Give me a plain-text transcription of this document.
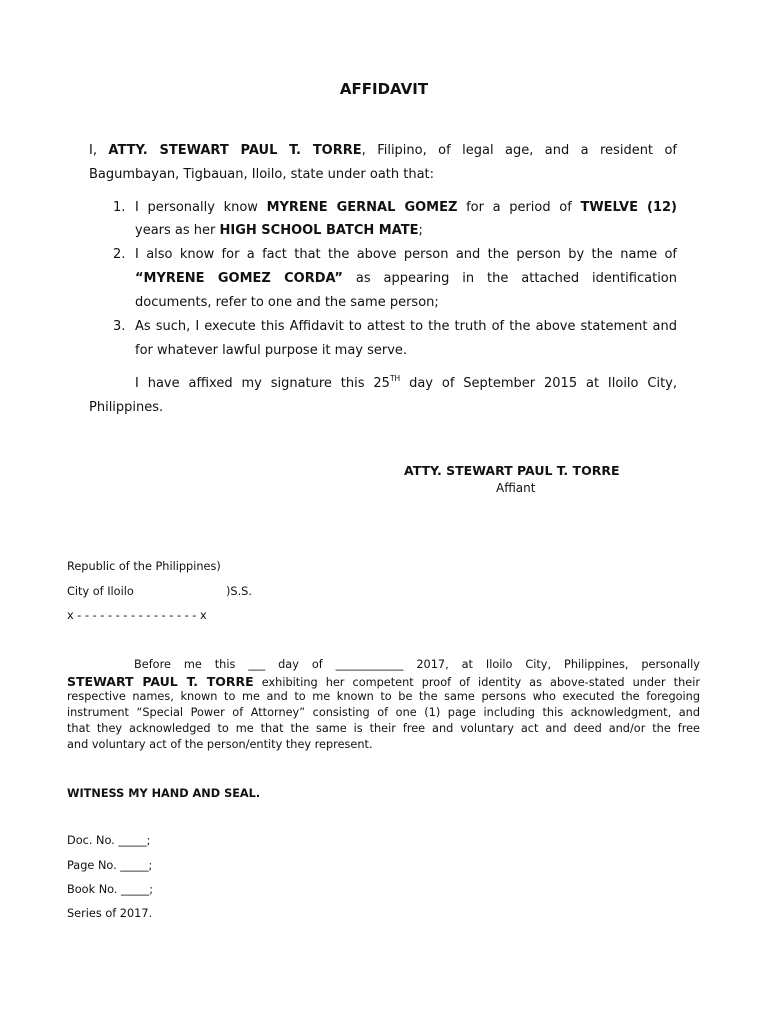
AFFIDAVIT
I, ATTY. STEWART PAUL T. TORRE, Filipino, of legal age, and a resident of
Bagumbayan, Tigbauan, Iloilo, state under oath that:
1. I personally know MYRENE GERNAL GOMEZ for a period of TWELVE (12)
years as her HIGH SCHOOL BATCH MATE;
2. I also know for a fact that the above person and the person by the name of
“MYRENE GOMEZ CORDA” as appearing in the attached identification
documents, refer to one and the same person;
3. As such, I execute this Affidavit to attest to the truth of the above statement and
for whatever lawful purpose it may serve.
I have affixed my signature this 25TH day of September 2015 at Iloilo City,
Philippines.
ATTY. STEWART PAUL T. TORRE
Affiant
Republic of the Philippines)
City of Iloilo	)S.S.
x - - - - - - - - - - - - - - - - x
Before me this ___ day of ____________ 2017, at Iloilo City, Philippines, personally
STEWART PAUL T. TORRE exhibiting her competent proof of identity as above-stated under their
respective names, known to me and to me known to be the same persons who executed the foregoing
instrument “Special Power of Attorney” consisting of one (1) page including this acknowledgment, and
that they acknowledged to me that the same is their free and voluntary act and deed and/or the free
and voluntary act of the person/entity they represent.
WITNESS MY HAND AND SEAL.
Doc. No. _____;
Page No. _____;
Book No. _____;
Series of 2017.
